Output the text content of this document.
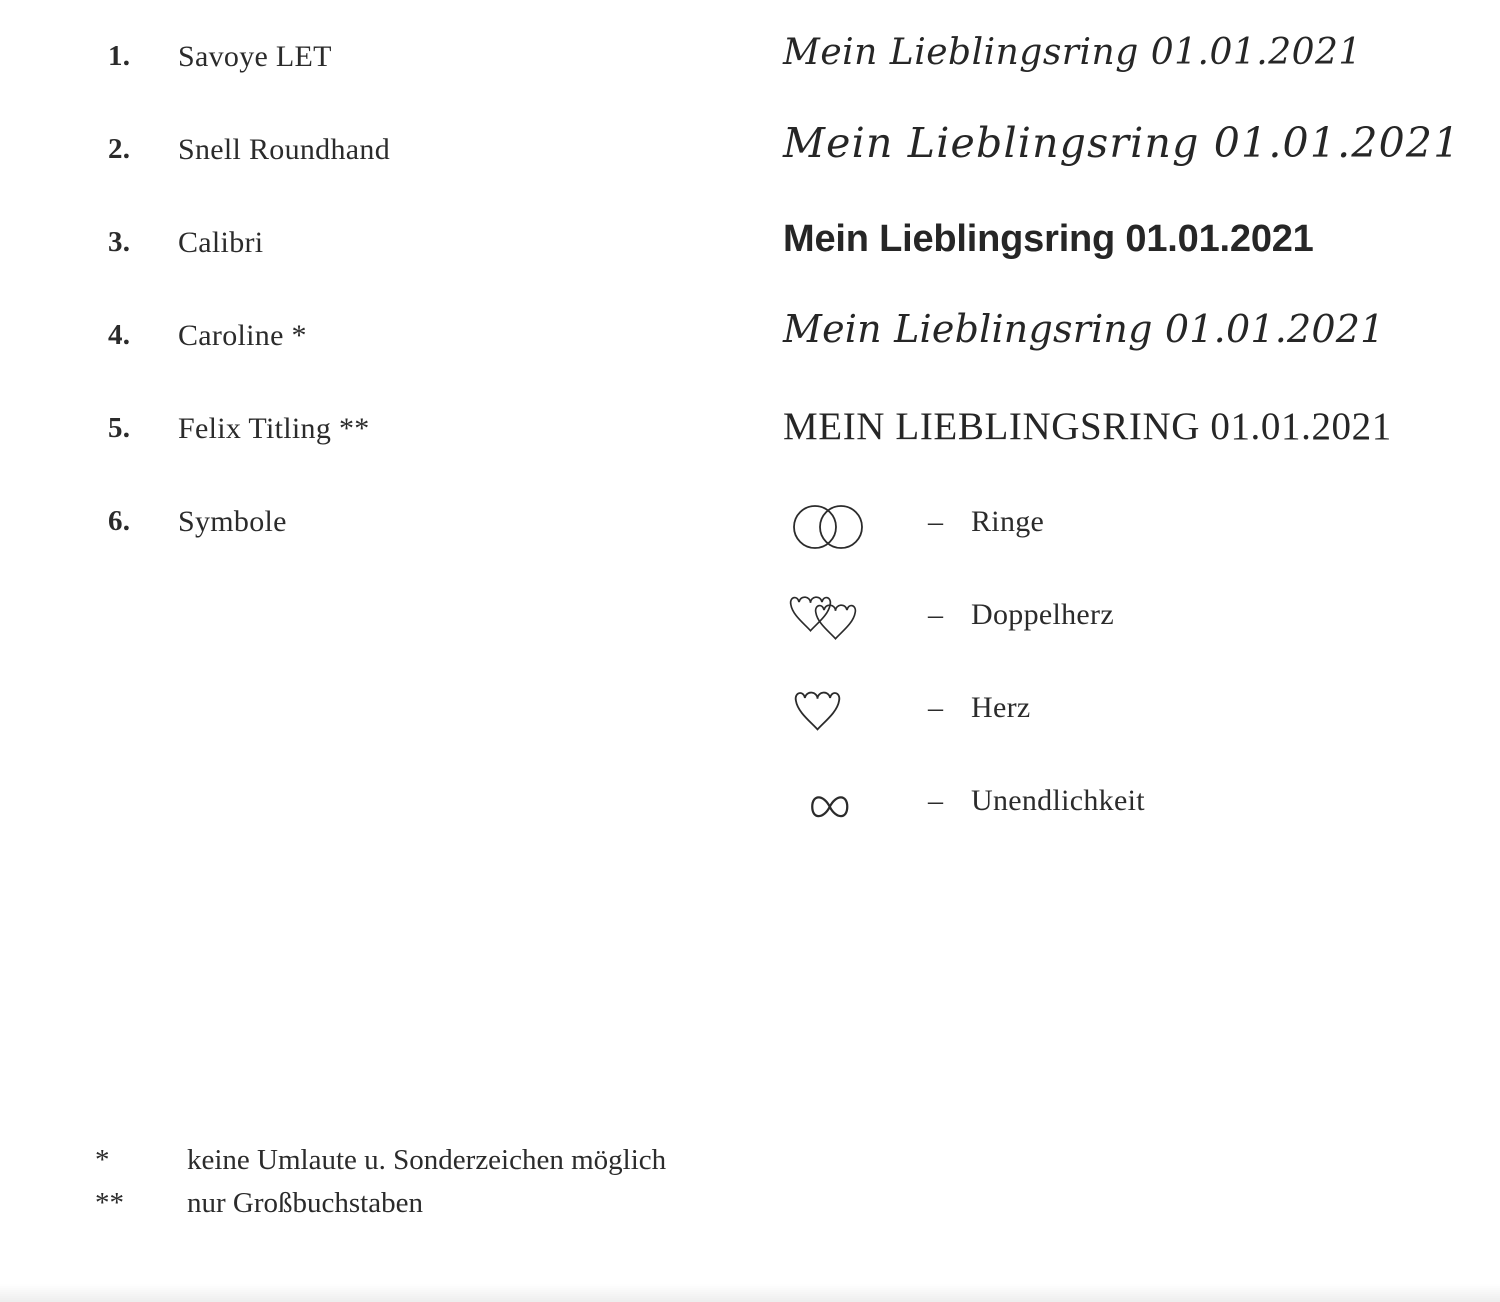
1. Savoye LET	Mein Lieblingsring 01.01.2021
2. Snell Roundhand	Mein Lieblingsring 01.01.2021
3. Calibri	Mein Lieblingsring 01.01.2021
4. Caroline *	Mein Lieblingsring 01.01.2021
5. Felix Titling **	MEIN LIEBLINGSRING 01.01.2021
6. Symbole	– Ringe
– Doppelherz
– Herz
– Unendlichkeit
*	keine Umlaute u. Sonderzeichen möglich
**	nur Großbuchstaben
